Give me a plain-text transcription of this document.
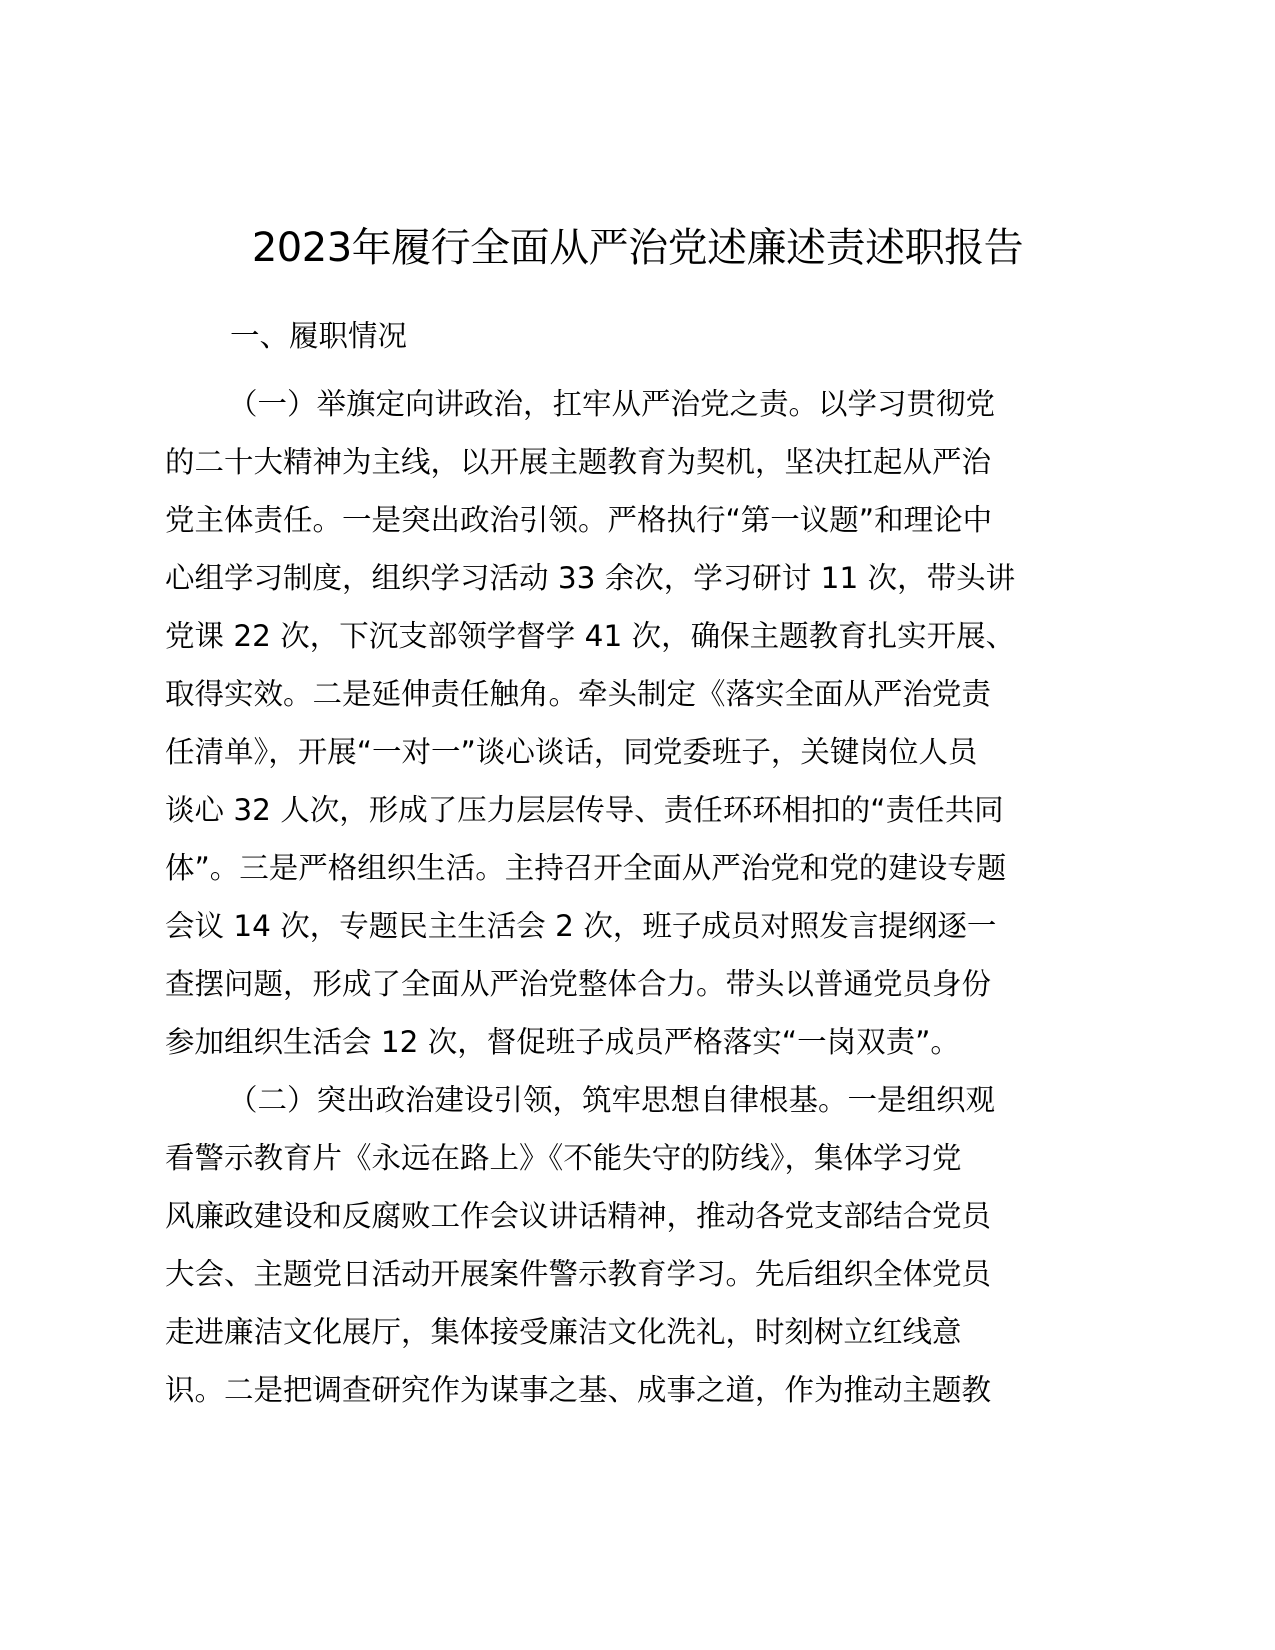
2023年履行全面从严治党述廉述责述职报告
一、履职情况
（一）举旗定向讲政治，扛牢从严治党之责。以学习贯彻党
的二十大精神为主线，以开展主题教育为契机，坚决扛起从严治
党主体责任。一是突出政治引领。严格执行“第一议题”和理论中
心组学习制度，组织学习活动 33 余次，学习研讨 11 次，带头讲
党课 22 次，下沉支部领学督学 41 次，确保主题教育扎实开展、
取得实效。二是延伸责任触角。牵头制定《落实全面从严治党责
任清单》，开展“一对一”谈心谈话，同党委班子，关键岗位人员
谈心 32 人次，形成了压力层层传导、责任环环相扣的“责任共同
体”。三是严格组织生活。主持召开全面从严治党和党的建设专题
会议 14 次，专题民主生活会 2 次，班子成员对照发言提纲逐一
查摆问题，形成了全面从严治党整体合力。带头以普通党员身份
参加组织生活会 12 次，督促班子成员严格落实“一岗双责”。
（二）突出政治建设引领，筑牢思想自律根基。一是组织观
看警示教育片《永远在路上》《不能失守的防线》，集体学习党
风廉政建设和反腐败工作会议讲话精神，推动各党支部结合党员
大会、主题党日活动开展案件警示教育学习。先后组织全体党员
走进廉洁文化展厅，集体接受廉洁文化洗礼，时刻树立红线意
识。二是把调查研究作为谋事之基、成事之道，作为推动主题教
